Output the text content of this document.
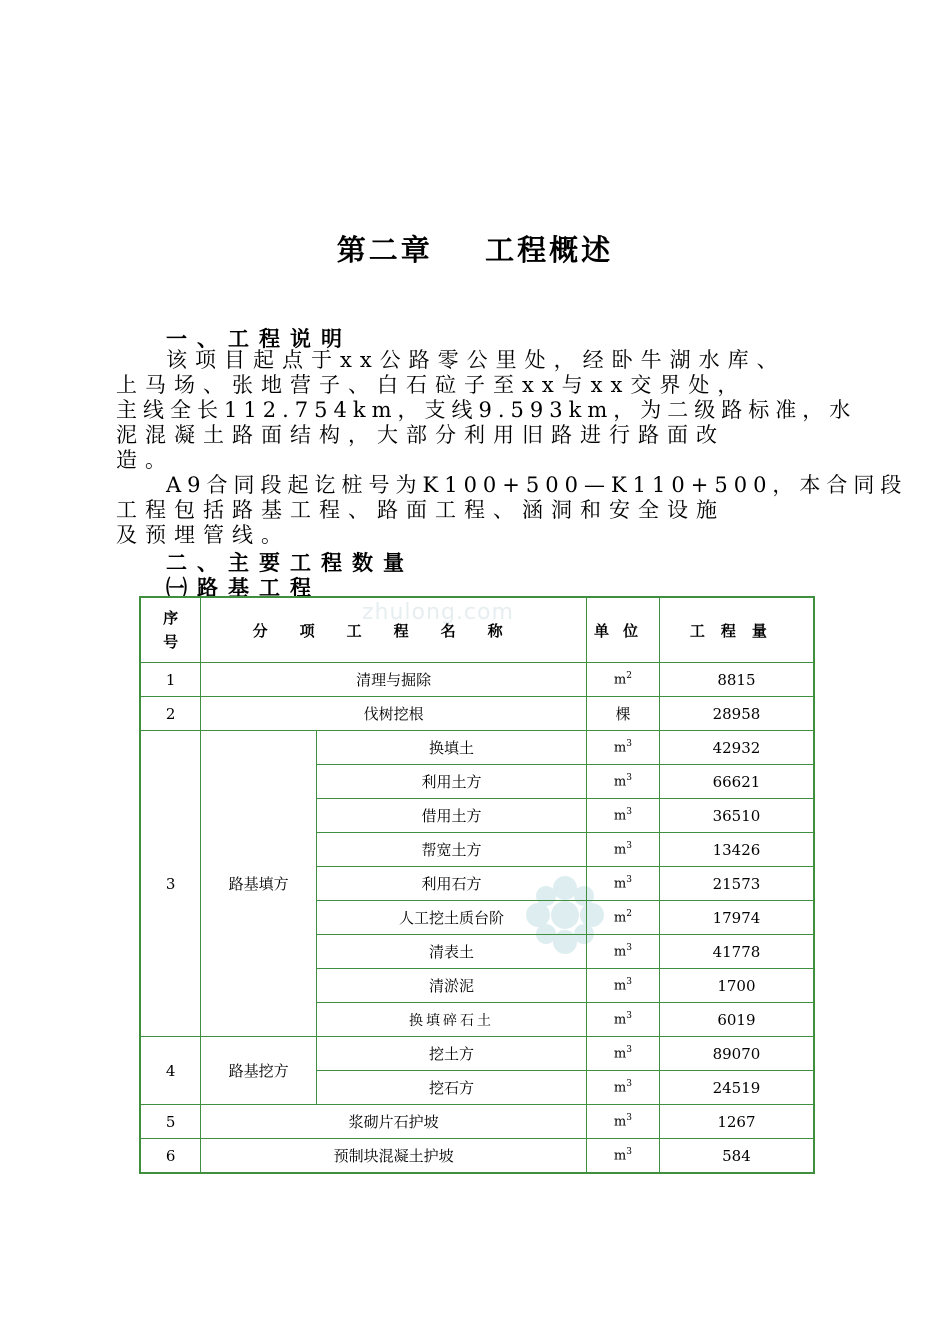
第二章    工程概述
一、工程说明
该项目起点于xx公路零公里处，经卧牛湖水库、
上马场、张地营子、白石砬子至xx与xx交界处，
主线全长112.754km，支线9.593km，为二级路标准，水
泥混凝土路面结构，大部分利用旧路进行路面改
造。
A9合同段起讫桩号为K100+500—K110+500，本合同段
工程包括路基工程、路面工程、涵洞和安全设施
及预埋管线。
二、主要工程数量
㈠路基工程
zhulong.com
序号	分项工程名称		单位	工程量
1	清理与掘除		$m^2$	8815
2	伐树挖根		棵	28958
3	路基填方	换填土	$m^3$	42932
		利用土方	$m^3$	66621
		借用土方	$m^3$	36510
		帮宽土方	$m^3$	13426
		利用石方	$m^3$	21573
		人工挖土质台阶	$m^2$	17974
		清表土	$m^3$	41778
		清淤泥	$m^3$	1700
		换填碎石土	$m^3$	6019
4	路基挖方	挖土方	$m^3$	89070
		挖石方	$m^3$	24519
5	浆砌片石护坡		$m^3$	1267
6	预制块混凝土护坡		$m^3$	584
